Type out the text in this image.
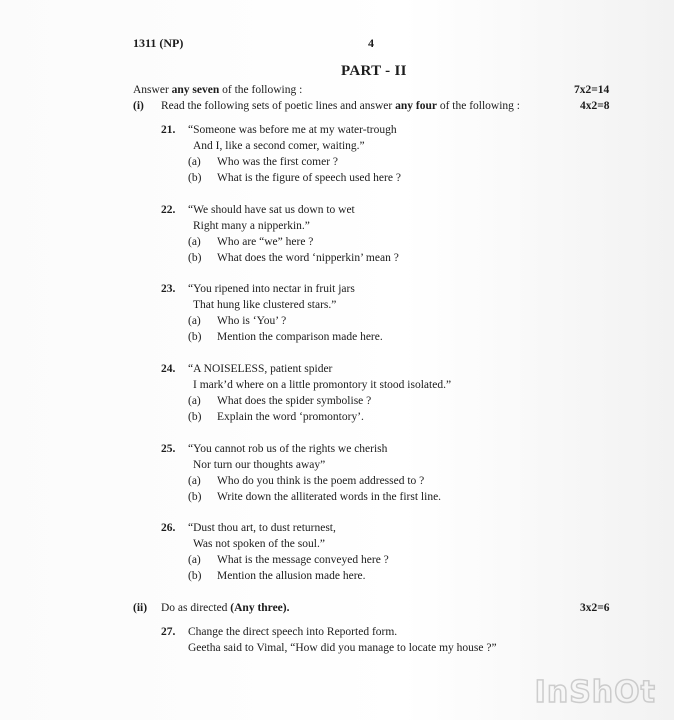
1311 (NP)	4
PART - II
Answer any seven of the following :	7x2=14
(i) Read the following sets of poetic lines and answer any four of the following :	4x2=8
21. “Someone was before me at my water-trough
And I, like a second comer, waiting.”
(a) Who was the first comer ?
(b) What is the figure of speech used here ?
22. “We should have sat us down to wet
Right many a nipperkin.”
(a) Who are “we” here ?
(b) What does the word ‘nipperkin’ mean ?
23. “You ripened into nectar in fruit jars
That hung like clustered stars.”
(a) Who is ‘You’ ?
(b) Mention the comparison made here.
24. “A NOISELESS, patient spider
I mark’d where on a little promontory it stood isolated.”
(a) What does the spider symbolise ?
(b) Explain the word ‘promontory’.
25. “You cannot rob us of the rights we cherish
Nor turn our thoughts away”
(a) Who do you think is the poem addressed to ?
(b) Write down the alliterated words in the first line.
26. “Dust thou art, to dust returnest,
Was not spoken of the soul.”
(a) What is the message conveyed here ?
(b) Mention the allusion made here.
(ii) Do as directed (Any three).	3x2=6
27. Change the direct speech into Reported form.
Geetha said to Vimal, “How did you manage to locate my house ?”
InShOt
